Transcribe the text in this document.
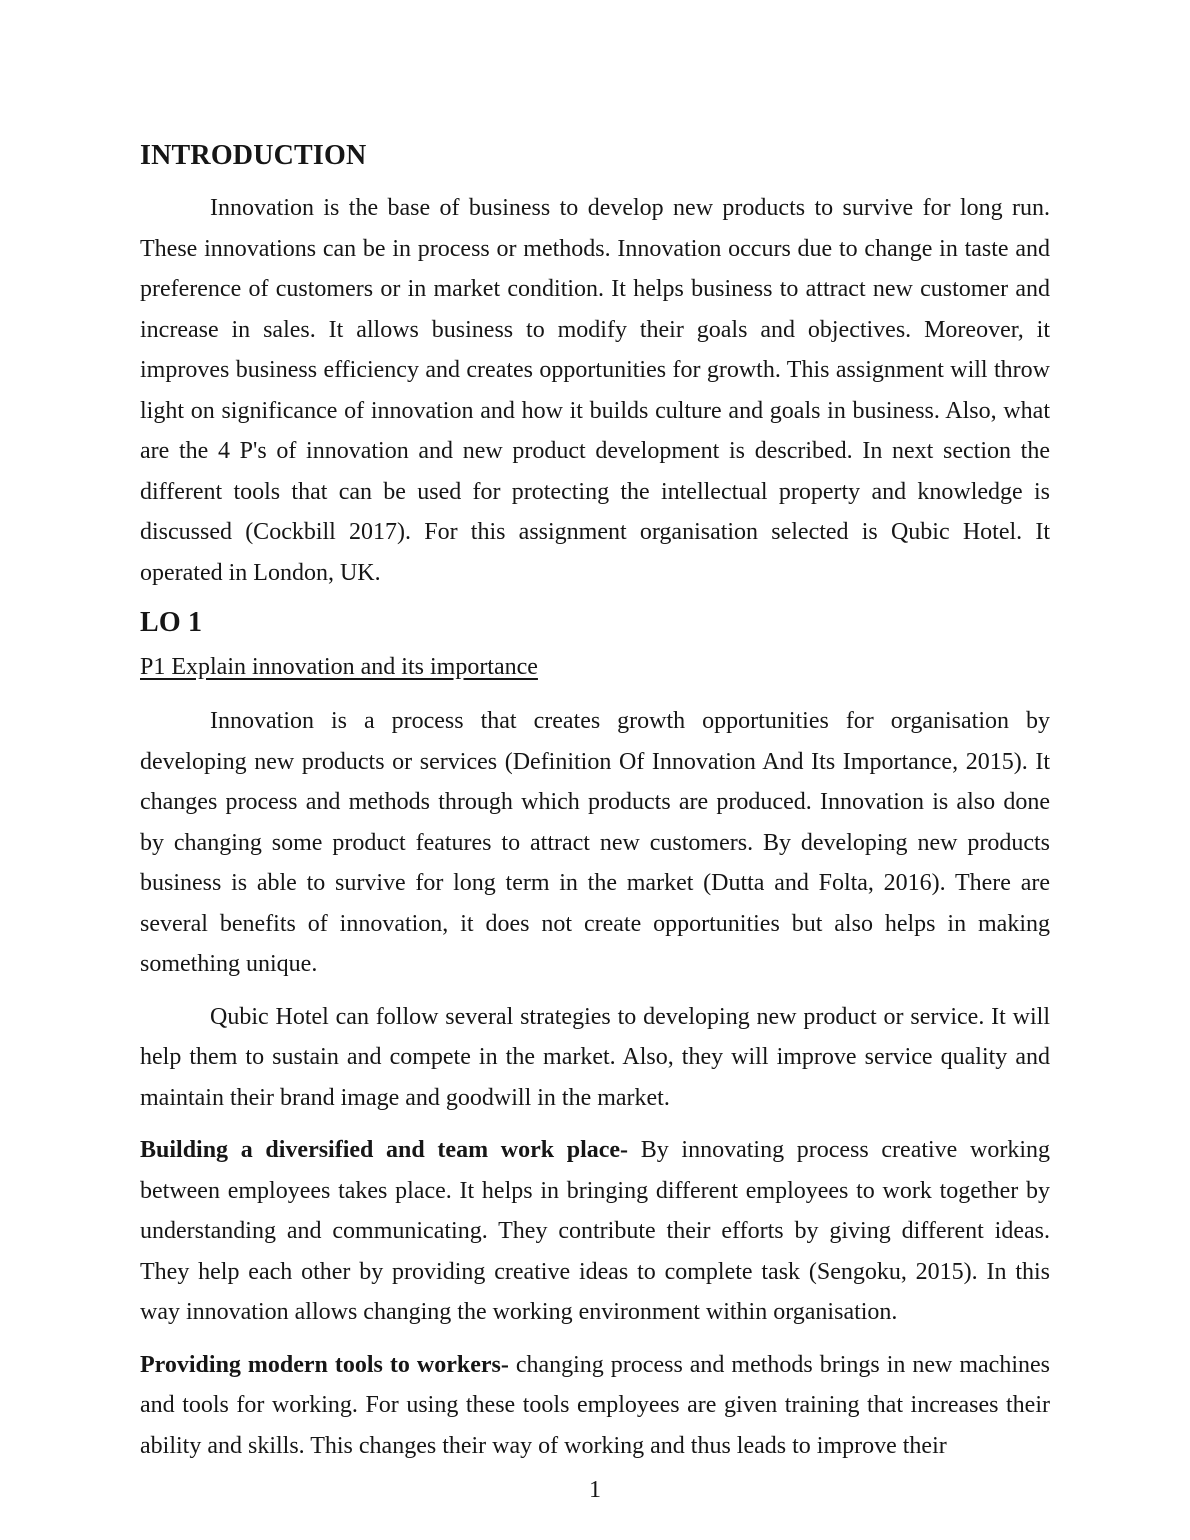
INTRODUCTION

Innovation is the base of business to develop new products to survive for long run. These innovations can be in process or methods. Innovation occurs due to change in taste and preference of customers or in market condition. It helps business to attract new customer and increase in sales. It allows business to modify their goals and objectives. Moreover, it improves business efficiency and creates opportunities for growth. This assignment will throw light on significance of innovation and how it builds culture and goals in business. Also, what are the 4 P's of innovation and new product development is described. In next section the different tools that can be used for protecting the intellectual property and knowledge is discussed (Cockbill 2017). For this assignment organisation selected is Qubic Hotel. It operated in London, UK.

LO 1

P1 Explain innovation and its importance

Innovation is a process that creates growth opportunities for organisation by developing new products or services (Definition Of Innovation And Its Importance, 2015). It changes process and methods through which products are produced. Innovation is also done by changing some product features to attract new customers. By developing new products business is able to survive for long term in the market (Dutta and Folta, 2016). There are several benefits of innovation, it does not create opportunities but also helps in making something unique.

Qubic Hotel can follow several strategies to developing new product or service. It will help them to sustain and compete in the market. Also, they will improve service quality and maintain their brand image and goodwill in the market.

Building a diversified and team work place- By innovating process creative working between employees takes place. It helps in bringing different employees to work together by understanding and communicating. They contribute their efforts by giving different ideas. They help each other by providing creative ideas to complete task (Sengoku, 2015). In this way innovation allows changing the working environment within organisation.

Providing modern tools to workers- changing process and methods brings in new machines and tools for working. For using these tools employees are given training that increases their ability and skills. This changes their way of working and thus leads to improve their

1
